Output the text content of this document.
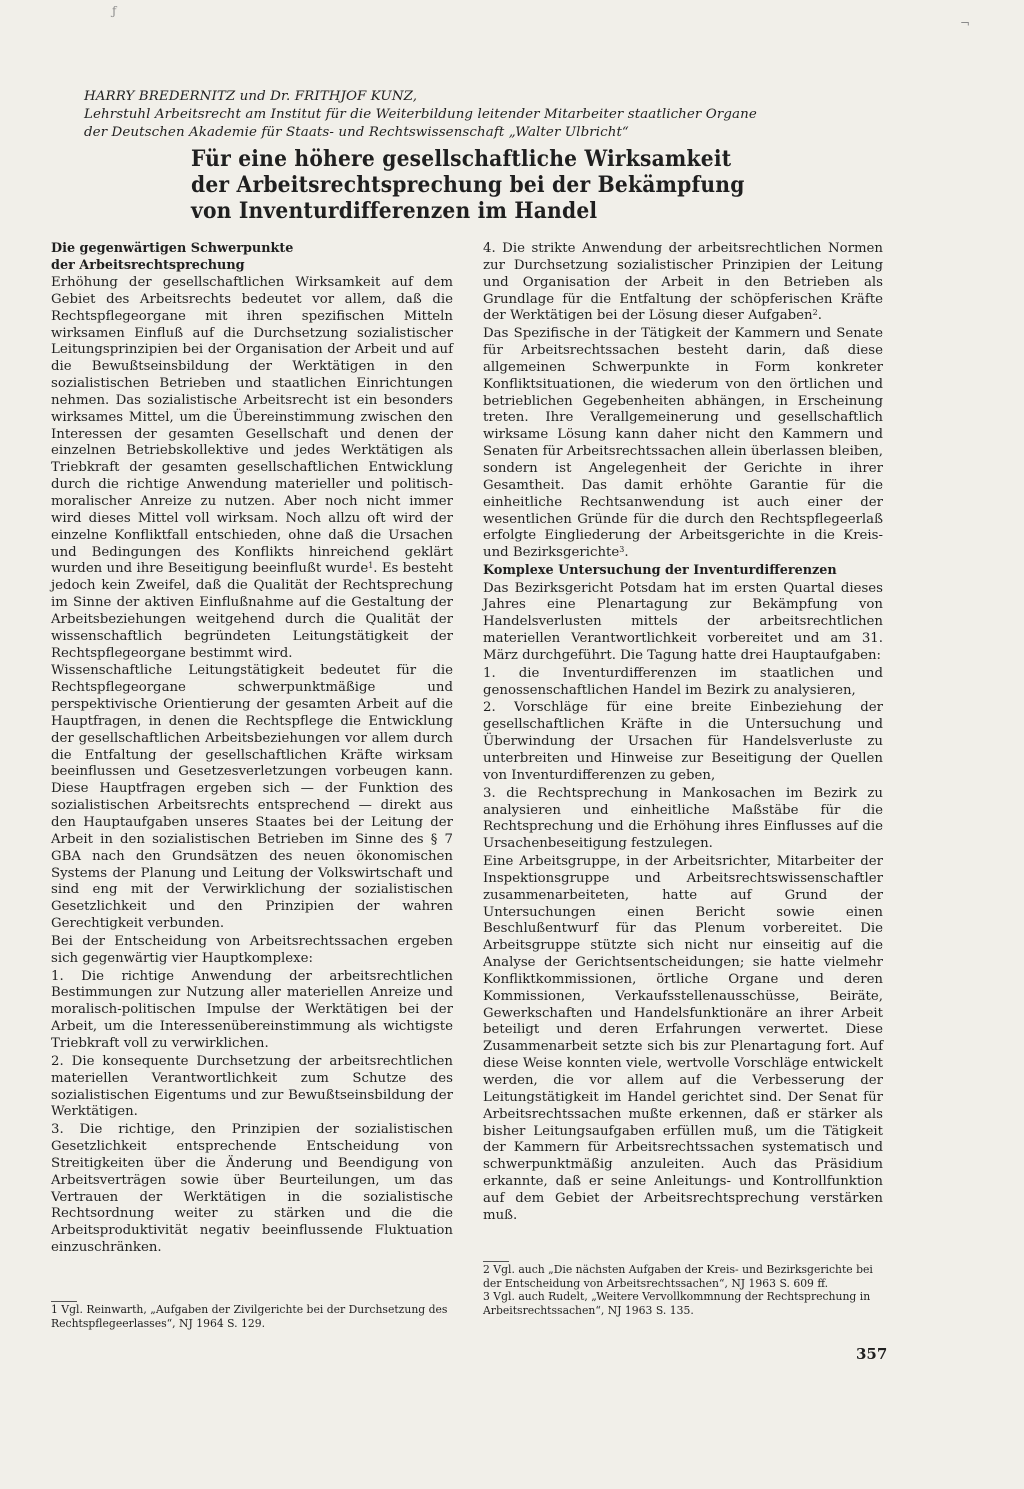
ƒ
¬
HARRY BREDERNITZ und Dr. FRITHJOF KUNZ,
Lehrstuhl Arbeitsrecht am Institut für die Weiterbildung leitender Mitarbeiter staatlicher Organe
der Deutschen Akademie für Staats- und Rechtswissenschaft „Walter Ulbricht“
Für eine höhere gesellschaftliche Wirksamkeit
der Arbeitsrechtsprechung bei der Bekämpfung
von Inventurdifferenzen im Handel
Die gegenwärtigen Schwerpunkte
der Arbeitsrechtsprechung

Erhöhung der gesellschaftlichen Wirksamkeit auf dem Gebiet des Arbeitsrechts bedeutet vor allem, daß die Rechtspflegeorgane mit ihren spezifischen Mitteln wirksamen Einfluß auf die Durchsetzung sozialistischer Leitungsprinzipien bei der Organisation der Arbeit und auf die Bewußtseinsbildung der Werktätigen in den sozialistischen Betrieben und staatlichen Einrichtungen nehmen. Das sozialistische Arbeitsrecht ist ein besonders wirksames Mittel, um die Übereinstimmung zwischen den Interessen der gesamten Gesellschaft und denen der einzelnen Betriebskollektive und jedes Werktätigen als Triebkraft der gesamten gesellschaftlichen Entwicklung durch die richtige Anwendung materieller und politisch-moralischer Anreize zu nutzen. Aber noch nicht immer wird dieses Mittel voll wirksam. Noch allzu oft wird der einzelne Konfliktfall entschieden, ohne daß die Ursachen und Bedingungen des Konflikts hinreichend geklärt wurden und ihre Beseitigung beeinflußt wurde$^1$. Es besteht jedoch kein Zweifel, daß die Qualität der Rechtsprechung im Sinne der aktiven Einflußnahme auf die Gestaltung der Arbeitsbeziehungen weitgehend durch die Qualität der wissenschaftlich begründeten Leitungstätigkeit der Rechtspflegeorgane bestimmt wird.

Wissenschaftliche Leitungstätigkeit bedeutet für die Rechtspflegeorgane schwerpunktmäßige und perspektivische Orientierung der gesamten Arbeit auf die Hauptfragen, in denen die Rechtspflege die Entwicklung der gesellschaftlichen Arbeitsbeziehungen vor allem durch die Entfaltung der gesellschaftlichen Kräfte wirksam beeinflussen und Gesetzesverletzungen vorbeugen kann. Diese Hauptfragen ergeben sich — der Funktion des sozialistischen Arbeitsrechts entsprechend — direkt aus den Hauptaufgaben unseres Staates bei der Leitung der Arbeit in den sozialistischen Betrieben im Sinne des § 7 GBA nach den Grundsätzen des neuen ökonomischen Systems der Planung und Leitung der Volkswirtschaft und sind eng mit der Verwirklichung der sozialistischen Gesetzlichkeit und den Prinzipien der wahren Gerechtigkeit verbunden.

Bei der Entscheidung von Arbeitsrechtssachen ergeben sich gegenwärtig vier Hauptkomplexe:

1. Die richtige Anwendung der arbeitsrechtlichen Bestimmungen zur Nutzung aller materiellen Anreize und moralisch-politischen Impulse der Werktätigen bei der Arbeit, um die Interessenübereinstimmung als wichtigste Triebkraft voll zu verwirklichen.

2. Die konsequente Durchsetzung der arbeitsrechtlichen materiellen Verantwortlichkeit zum Schutze des sozialistischen Eigentums und zur Bewußtseinsbildung der Werktätigen.

3. Die richtige, den Prinzipien der sozialistischen Gesetzlichkeit entsprechende Entscheidung von Streitigkeiten über die Änderung und Beendigung von Arbeitsverträgen sowie über Beurteilungen, um das Vertrauen der Werktätigen in die sozialistische Rechtsordnung weiter zu stärken und die die Arbeitsproduktivität negativ beeinflussende Fluktuation einzuschränken.

1 Vgl. Reinwarth, „Aufgaben der Zivilgerichte bei der Durchsetzung des Rechtspflegeerlasses“, NJ 1964 S. 129.

4. Die strikte Anwendung der arbeitsrechtlichen Normen zur Durchsetzung sozialistischer Prinzipien der Leitung und Organisation der Arbeit in den Betrieben als Grundlage für die Entfaltung der schöpferischen Kräfte der Werktätigen bei der Lösung dieser Aufgaben$^2$.

Das Spezifische in der Tätigkeit der Kammern und Senate für Arbeitsrechtssachen besteht darin, daß diese allgemeinen Schwerpunkte in Form konkreter Konfliktsituationen, die wiederum von den örtlichen und betrieblichen Gegebenheiten abhängen, in Erscheinung treten. Ihre Verallgemeinerung und gesellschaftlich wirksame Lösung kann daher nicht den Kammern und Senaten für Arbeitsrechtssachen allein überlassen bleiben, sondern ist Angelegenheit der Gerichte in ihrer Gesamtheit. Das damit erhöhte Garantie für die einheitliche Rechtsanwendung ist auch einer der wesentlichen Gründe für die durch den Rechtspflegeerlaß erfolgte Eingliederung der Arbeitsgerichte in die Kreis- und Bezirksgerichte$^3$.

Komplexe Untersuchung der Inventurdifferenzen

Das Bezirksgericht Potsdam hat im ersten Quartal dieses Jahres eine Plenartagung zur Bekämpfung von Handelsverlusten mittels der arbeitsrechtlichen materiellen Verantwortlichkeit vorbereitet und am 31. März durchgeführt. Die Tagung hatte drei Hauptaufgaben:

1. die Inventurdifferenzen im staatlichen und genossenschaftlichen Handel im Bezirk zu analysieren,

2. Vorschläge für eine breite Einbeziehung der gesellschaftlichen Kräfte in die Untersuchung und Überwindung der Ursachen für Handelsverluste zu unterbreiten und Hinweise zur Beseitigung der Quellen von Inventurdifferenzen zu geben,

3. die Rechtsprechung in Mankosachen im Bezirk zu analysieren und einheitliche Maßstäbe für die Rechtsprechung und die Erhöhung ihres Einflusses auf die Ursachenbeseitigung festzulegen.

Eine Arbeitsgruppe, in der Arbeitsrichter, Mitarbeiter der Inspektionsgruppe und Arbeitsrechtswissenschaftler zusammenarbeiteten, hatte auf Grund der Untersuchungen einen Bericht sowie einen Beschlußentwurf für das Plenum vorbereitet. Die Arbeitsgruppe stützte sich nicht nur einseitig auf die Analyse der Gerichtsentscheidungen; sie hatte vielmehr Konfliktkommissionen, örtliche Organe und deren Kommissionen, Verkaufsstellenausschüsse, Beiräte, Gewerkschaften und Handelsfunktionäre an ihrer Arbeit beteiligt und deren Erfahrungen verwertet. Diese Zusammenarbeit setzte sich bis zur Plenartagung fort. Auf diese Weise konnten viele, wertvolle Vorschläge entwickelt werden, die vor allem auf die Verbesserung der Leitungstätigkeit im Handel gerichtet sind. Der Senat für Arbeitsrechtssachen mußte erkennen, daß er stärker als bisher Leitungsaufgaben erfüllen muß, um die Tätigkeit der Kammern für Arbeitsrechtssachen systematisch und schwerpunktmäßig anzuleiten. Auch das Präsidium erkannte, daß er seine Anleitungs- und Kontrollfunktion auf dem Gebiet der Arbeitsrechtsprechung verstärken muß.

2 Vgl. auch „Die nächsten Aufgaben der Kreis- und Bezirksgerichte bei der Entscheidung von Arbeitsrechtssachen“, NJ 1963 S. 609 ff.

3 Vgl. auch Rudelt, „Weitere Vervollkommnung der Rechtsprechung in Arbeitsrechtssachen“, NJ 1963 S. 135.

357
